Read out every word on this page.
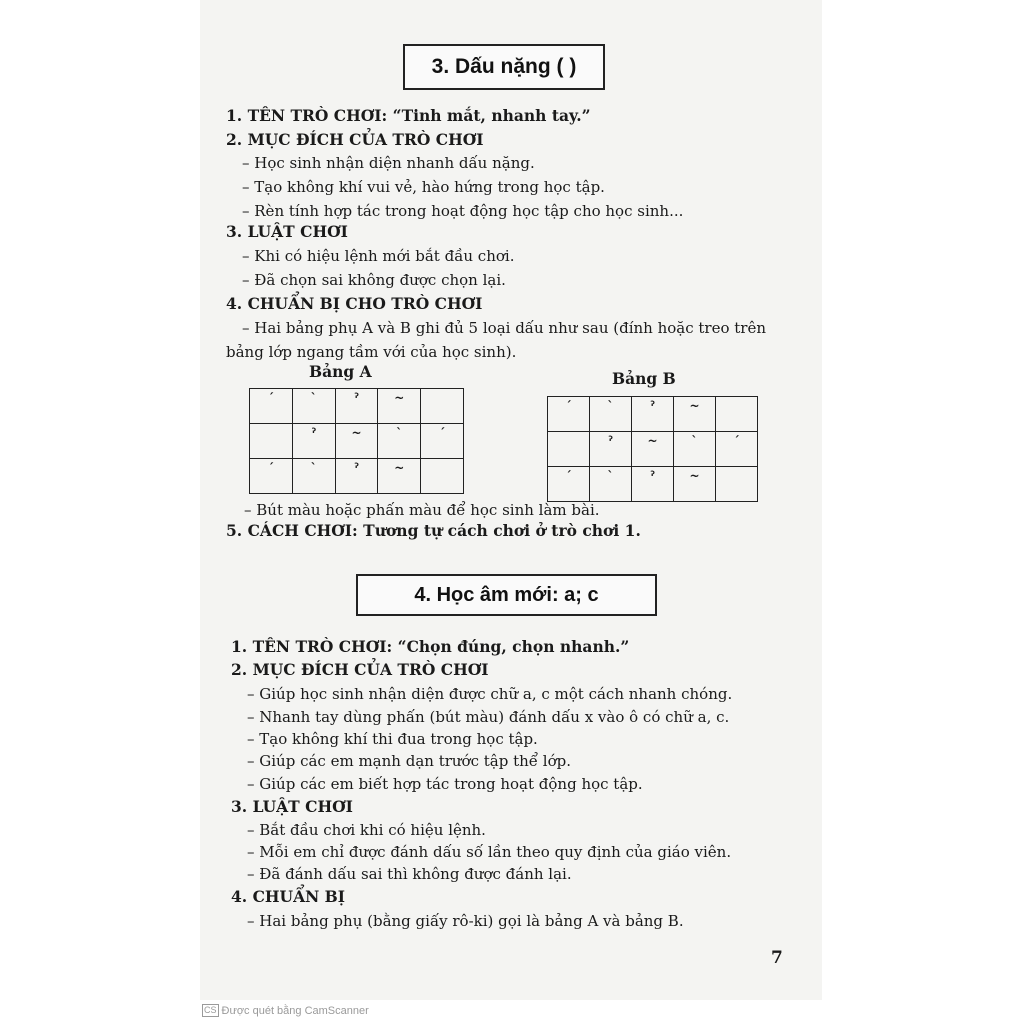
3. Dấu nặng ( )
1. TÊN TRÒ CHƠI: “Tinh mắt, nhanh tay.”
2. MỤC ĐÍCH CỦA TRÒ CHƠI
– Học sinh nhận diện nhanh dấu nặng.
– Tạo không khí vui vẻ, hào hứng trong học tập.
– Rèn tính hợp tác trong hoạt động học tập cho học sinh...
3. LUẬT CHƠI
– Khi có hiệu lệnh mới bắt đầu chơi.
– Đã chọn sai không được chọn lại.
4. CHUẨN BỊ CHO TRÒ CHƠI
– Hai bảng phụ A và B ghi đủ 5 loại dấu như sau (đính hoặc treo trên
bảng lớp ngang tầm với của học sinh).
Bảng A	Bảng B
ˊ	ˋ	ˀ	~	
	ˀ	~	ˋ	ˊ
ˊ	ˋ	ˀ	~	
ˊ	ˋ	ˀ	~	
	ˀ	~	ˋ	ˊ
ˊ	ˋ	ˀ	~	
– Bút màu hoặc phấn màu để học sinh làm bài.
5. CÁCH CHƠI: Tương tự cách chơi ở trò chơi 1.
4. Học âm mới: a; c
1. TÊN TRÒ CHƠI: “Chọn đúng, chọn nhanh.”
2. MỤC ĐÍCH CỦA TRÒ CHƠI
– Giúp học sinh nhận diện được chữ a, c một cách nhanh chóng.
– Nhanh tay dùng phấn (bút màu) đánh dấu x vào ô có chữ a, c.
– Tạo không khí thi đua trong học tập.
– Giúp các em mạnh dạn trước tập thể lớp.
– Giúp các em biết hợp tác trong hoạt động học tập.
3. LUẬT CHƠI
– Bắt đầu chơi khi có hiệu lệnh.
– Mỗi em chỉ được đánh dấu số lần theo quy định của giáo viên.
– Đã đánh dấu sai thì không được đánh lại.
4. CHUẨN BỊ
– Hai bảng phụ (bằng giấy rô-ki) gọi là bảng A và bảng B.
7
CS Được quét bằng CamScanner
